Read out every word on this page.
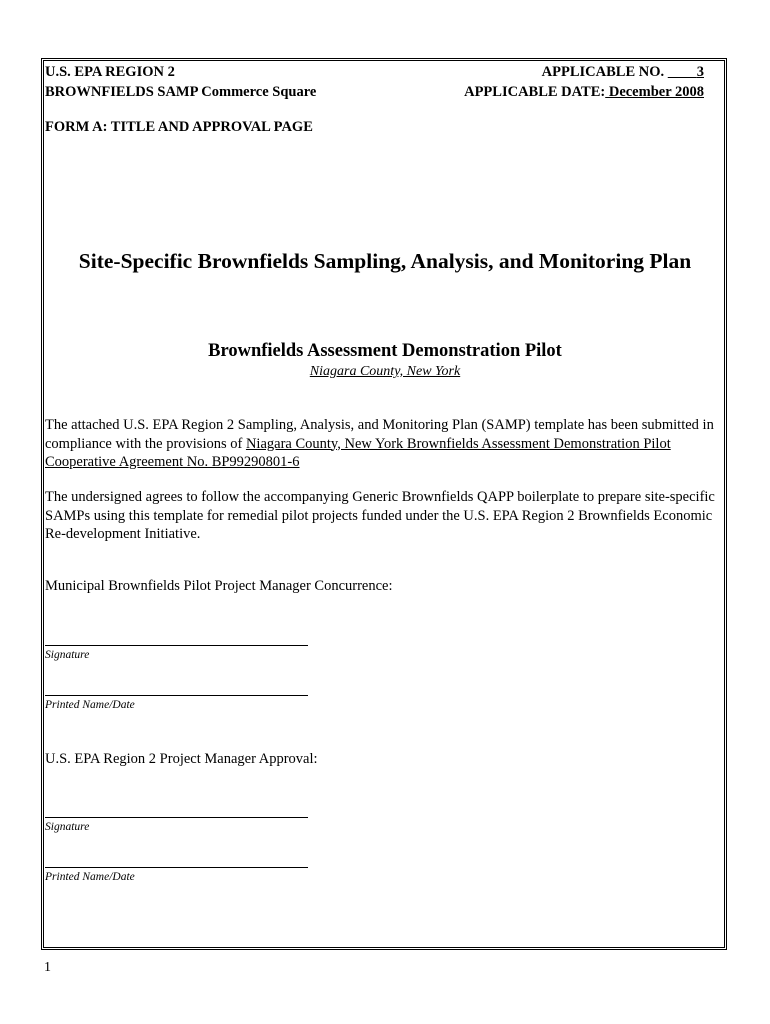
U.S. EPA REGION 2
BROWNFIELDS SAMP Commerce Square
APPLICABLE NO. 3
APPLICABLE DATE: December 2008
FORM A: TITLE AND APPROVAL PAGE
Site-Specific Brownfields Sampling, Analysis, and Monitoring Plan
Brownfields Assessment Demonstration Pilot
Niagara County, New York
The attached U.S. EPA Region 2 Sampling, Analysis, and Monitoring Plan (SAMP) template has been submitted in compliance with the provisions of Niagara County, New York Brownfields Assessment Demonstration Pilot Cooperative Agreement No. BP99290801-6
The undersigned agrees to follow the accompanying Generic Brownfields QAPP boilerplate to prepare site-specific SAMPs using this template for remedial pilot projects funded under the U.S. EPA Region 2 Brownfields Economic Re-development Initiative.
Municipal Brownfields Pilot Project Manager Concurrence:
Signature
Printed Name/Date
U.S. EPA Region 2 Project Manager Approval:
Signature
Printed Name/Date
1
